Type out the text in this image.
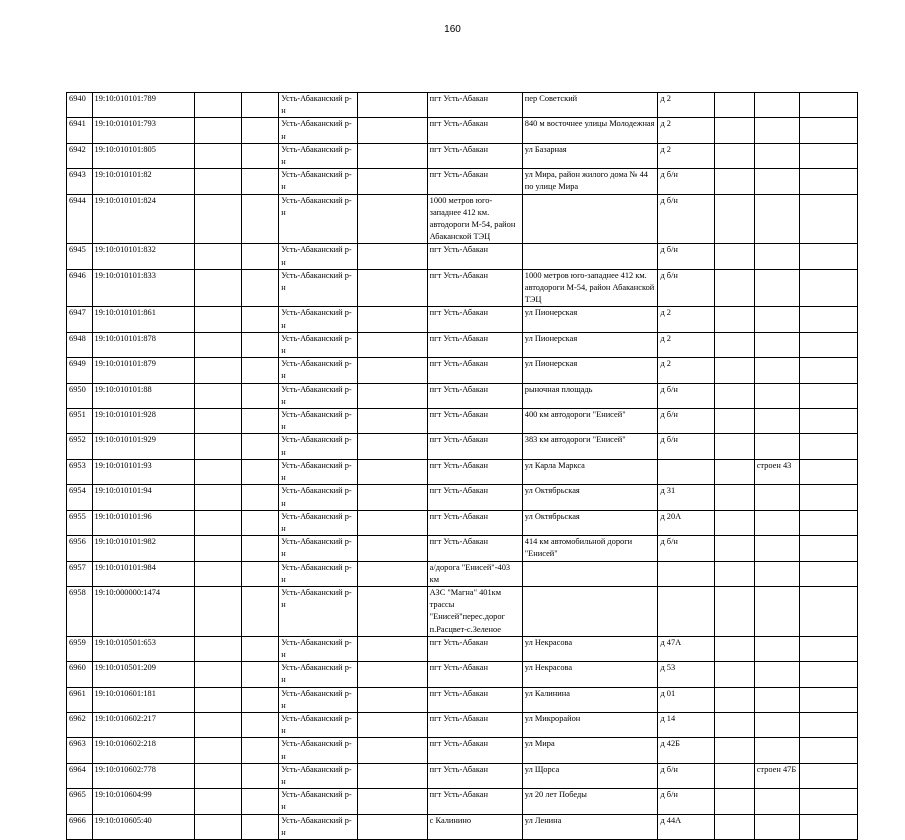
160
6940	19:10:010101:789			Усть-Абаканский р-н		пгт Усть-Абакан	пер Советский	д 2			
6941	19:10:010101:793			Усть-Абаканский р-н		пгт Усть-Абакан	840 м восточнее улицы Молодежная	д 2			
6942	19:10:010101:805			Усть-Абаканский р-н		пгт Усть-Абакан	ул Базарная	д 2			
6943	19:10:010101:82			Усть-Абаканский р-н		пгт Усть-Абакан	ул Мира, район жилого дома № 44 по улице Мира	д б/н			
6944	19:10:010101:824			Усть-Абаканский р-н		1000 метров юго-западнее 412 км. автодороги М-54, район Абаканской ТЭЦ		д б/н			
6945	19:10:010101:832			Усть-Абаканский р-н		пгт Усть-Абакан		д б/н			
6946	19:10:010101:833			Усть-Абаканский р-н		пгт Усть-Абакан	1000 метров юго-западнее 412 км. автодороги М-54, район Абаканской ТЭЦ	д б/н			
6947	19:10:010101:861			Усть-Абаканский р-н		пгт Усть-Абакан	ул Пионерская	д 2			
6948	19:10:010101:878			Усть-Абаканский р-н		пгт Усть-Абакан	ул Пионерская	д 2			
6949	19:10:010101:879			Усть-Абаканский р-н		пгт Усть-Абакан	ул Пионерская	д 2			
6950	19:10:010101:88			Усть-Абаканский р-н		пгт Усть-Абакан	рыночная площадь	д б/н			
6951	19:10:010101:928			Усть-Абаканский р-н		пгт Усть-Абакан	400 км автодороги "Енисей"	д б/н			
6952	19:10:010101:929			Усть-Абаканский р-н		пгт Усть-Абакан	383 км автодороги "Енисей"	д б/н			
6953	19:10:010101:93			Усть-Абаканский р-н		пгт Усть-Абакан	ул Карла Маркса			строен 43	
6954	19:10:010101:94			Усть-Абаканский р-н		пгт Усть-Абакан	ул Октябрьская	д 31			
6955	19:10:010101:96			Усть-Абаканский р-н		пгт Усть-Абакан	ул Октябрьская	д 20А			
6956	19:10:010101:982			Усть-Абаканский р-н		пгт Усть-Абакан	414 км автомобильной дороги "Енисей"	д б/н			
6957	19:10:010101:984			Усть-Абаканский р-н		а/дорога "Енисей"-403 км					
6958	19:10:000000:1474			Усть-Абаканский р-н		АЗС "Магна" 401км трассы "Енисей"перес.дорог п.Расцвет-с.Зеленое					
6959	19:10:010501:653			Усть-Абаканский р-н		пгт Усть-Абакан	ул Некрасова	д 47А			
6960	19:10:010501:209			Усть-Абаканский р-н		пгт Усть-Абакан	ул Некрасова	д 53			
6961	19:10:010601:181			Усть-Абаканский р-н		пгт Усть-Абакан	ул Калинина	д 01			
6962	19:10:010602:217			Усть-Абаканский р-н		пгт Усть-Абакан	ул Микрорайон	д 14			
6963	19:10:010602:218			Усть-Абаканский р-н		пгт Усть-Абакан	ул Мира	д 42Б			
6964	19:10:010602:778			Усть-Абаканский р-н		пгт Усть-Абакан	ул Щорса	д б/н		строен 47Б	
6965	19:10:010604:99			Усть-Абаканский р-н		пгт Усть-Абакан	ул 20 лет Победы	д б/н			
6966	19:10:010605:40			Усть-Абаканский р-н		с Калинино	ул Ленина	д 44А			
